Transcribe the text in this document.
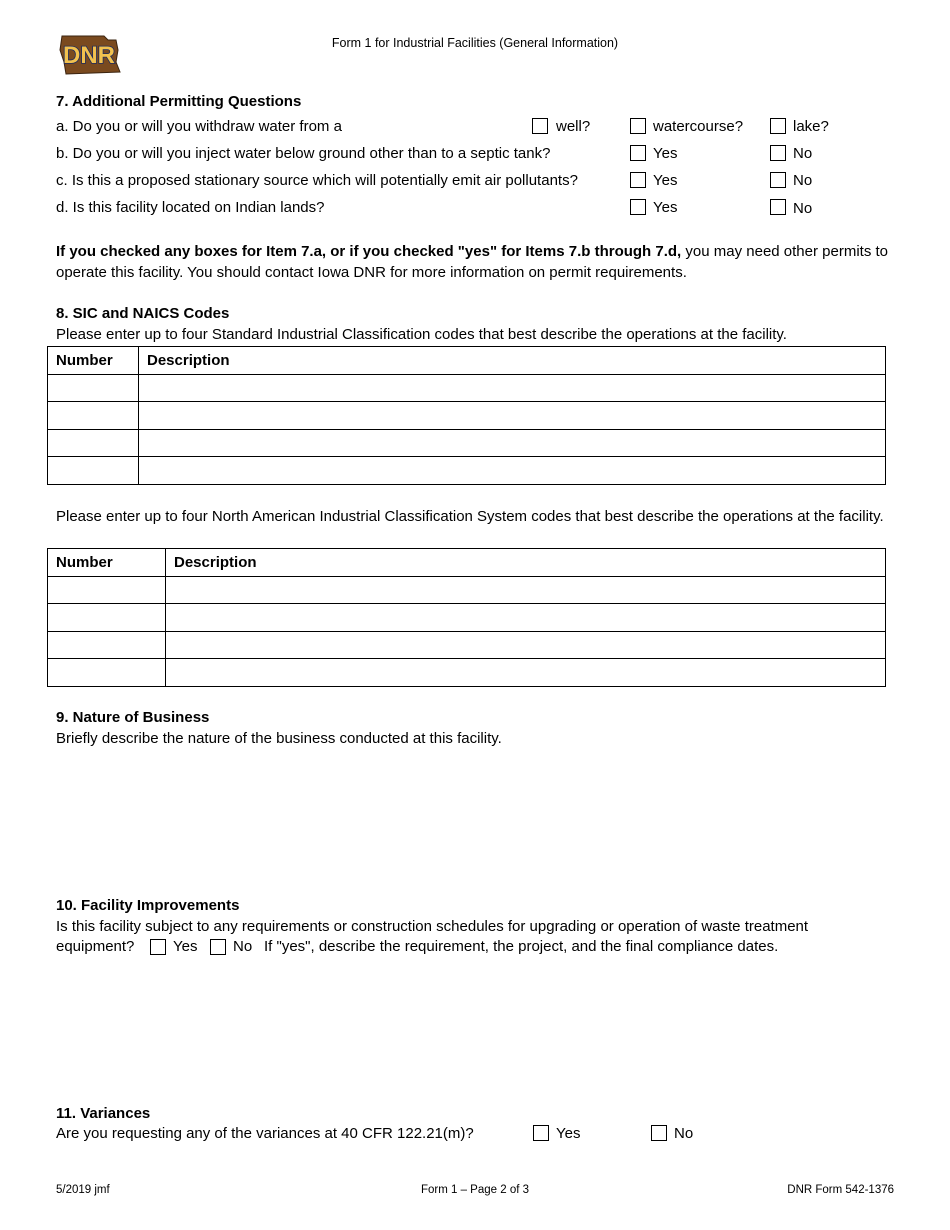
DNR	Form 1 for Industrial Facilities (General Information)
7. Additional Permitting Questions
a. Do you or will you withdraw water from a	well?	watercourse?	lake?
b. Do you or will you inject water below ground other than to a septic tank?	Yes	No
c. Is this a proposed stationary source which will potentially emit air pollutants?	Yes	No
d. Is this facility located on Indian lands?	Yes	No
If you checked any boxes for Item 7.a, or if you checked "yes" for Items 7.b through 7.d, you may need other permits to operate this facility. You should contact Iowa DNR for more information on permit requirements.
8. SIC and NAICS Codes
Please enter up to four Standard Industrial Classification codes that best describe the operations at the facility.
Number	Description

Please enter up to four North American Industrial Classification System codes that best describe the operations at the facility.
Number	Description

9. Nature of Business
Briefly describe the nature of the business conducted at this facility.
10. Facility Improvements
Is this facility subject to any requirements or construction schedules for upgrading or operation of waste treatment
equipment?	Yes No If "yes", describe the requirement, the project, and the final compliance dates.
11. Variances
Are you requesting any of the variances at 40 CFR 122.21(m)?	Yes	No
5/2019 jmf	Form 1 – Page 2 of 3	DNR Form 542-1376
